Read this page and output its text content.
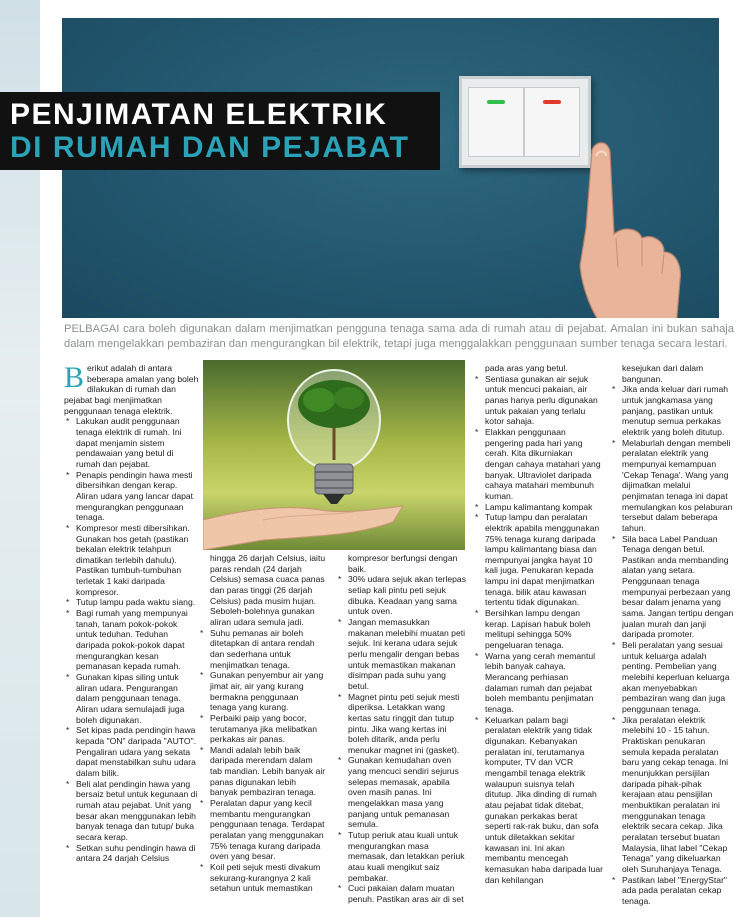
PENJIMATAN ELEKTRIK
DI RUMAH DAN PEJABAT
PELBAGAI cara boleh digunakan dalam menjimatkan pengguna tenaga sama ada di rumah atau di pejabat. Amalan ini bukan sahaja dalam mengelakkan pembaziran dan mengurangkan bil elektrik, tetapi juga menggalakkan penggunaan sumber tenaga secara lestari.

Berikut adalah di antara beberapa amalan yang boleh dilakukan di rumah dan pejabat bagi menjimatkan penggunaan tenaga elektrik.

* Lakukan audit penggunaan tenaga elektrik di rumah. Ini dapat menjamin sistem pendawaian yang betul di rumah dan pejabat.
* Penapis pendingin hawa mesti dibersihkan dengan kerap. Aliran udara yang lancar dapat mengurangkan penggunaan tenaga.
* Kompresor mesti dibersihkan. Gunakan hos getah (pastikan bekalan elektrik telahpun dimatikan terlebih dahulu). Pastikan tumbuh-tumbuhan terletak 1 kaki daripada kompresor.
* Tutup lampu pada waktu siang.
* Bagi rumah yang mempunyai tanah, tanam pokok-pokok untuk teduhan. Teduhan daripada pokok-pokok dapat mengurangkan kesan pemanasan kepada rumah.
* Gunakan kipas siling untuk aliran udara. Pengurangan dalam penggunaan tenaga. Aliran udara semulajadi juga boleh digunakan.
* Set kipas pada pendingin hawa kepada "ON" daripada "AUTO". Pengaliran udara yang sekata dapat menstabilkan suhu udara dalam bilik.
* Beli alat pendingin hawa yang bersaiz betul untuk kegunaan di rumah atau pejabat. Unit yang besar akan menggunakan lebih banyak tenaga dan tutup/ buka secara kerap.
* Setkan suhu pendingin hawa di antara 24 darjah Celsius
hingga 26 darjah Celsius, iaitu paras rendah (24 darjah Celsius) semasa cuaca panas dan paras tinggi (26 darjah Celsius) pada musim hujan. Seboleh-bolehnya gunakan aliran udara semula jadi.
* Suhu pemanas air boleh ditetapkan di antara rendah dan sederhana untuk menjimatkan tenaga.
* Gunakan penyembur air yang jimat air, air yang kurang bermakna penggunaan tenaga yang kurang.
* Perbaiki paip yang bocor, terutamanya jika melibatkan perkakas air panas.
* Mandi adalah lebih baik daripada merendam dalam tab mandian. Lebih banyak air panas digunakan lebih banyak pembaziran tenaga.
* Peralatan dapur yang kecil membantu mengurangkan penggunaan tenaga. Terdapat peralatan yang menggunakan 75% tenaga kurang daripada oven yang besar.
* Koil peti sejuk mesti divakum sekurang-kurangnya 2 kali setahun untuk memastikan
kompresor berfungsi dengan baik.
* 30% udara sejuk akan terlepas setiap kali pintu peti sejuk dibuka. Keadaan yang sama untuk oven.
* Jangan memasukkan makanan melebihi muatan peti sejuk. Ini kerana udara sejuk perlu mengalir dengan bebas untuk memastikan makanan disimpan pada suhu yang betul.
* Magnet pintu peti sejuk mesti diperiksa. Letakkan wang kertas satu ringgit dan tutup pintu. Jika wang kertas ini boleh ditarik, anda perlu menukar magnet ini (gasket).
* Gunakan kemudahan oven yang mencuci sendiri sejurus selepas memasak, apabila oven masih panas. Ini mengelakkan masa yang panjang untuk pemanasan semula.
* Tutup periuk atau kuali untuk mengurangkan masa memasak, dan letakkan periuk atau kuali mengikut saiz pembakar.
* Cuci pakaian dalam muatan penuh. Pastikan aras air di set
pada aras yang betul.
* Sentiasa gunakan air sejuk untuk mencuci pakaian, air panas hanya perlu digunakan untuk pakaian yang terlalu kotor sahaja.
* Elakkan penggunaan pengering pada hari yang cerah. Kita dikurniakan dengan cahaya matahari yang banyak. Ultraviolet daripada cahaya matahari membunuh kuman.
* Lampu kalimantang kompak
* Tutup lampu dan peralatan elektrik apabila menggunakan 75% tenaga kurang daripada lampu kalimantang biasa dan mempunyai jangka hayat 10 kali juga. Penukaran kepada lampu ini dapat menjimatkan tenaga. bilik atau kawasan tertentu tidak digunakan.
* Bersihkan lampu dengan kerap. Lapisan habuk boleh melitupi sehingga 50% pengeluaran tenaga.
* Warna yang cerah memantul lebih banyak cahaya. Merancang perhiasan dalaman rumah dan pejabat boleh membantu penjimatan tenaga.
* Keluarkan palam bagi peralatan elektrik yang tidak digunakan. Kebanyakan peralatan ini, terutamanya komputer, TV dan VCR mengambil tenaga elektrik walaupun suisnya telah ditutup. Jika dinding di rumah atau pejabat tidak ditebat, gunakan perkakas berat seperti rak-rak buku, dan sofa untuk diletakkan sekitar kawasan ini. Ini akan membantu mencegah kemasukan haba daripada luar dan kehilangan
kesejukan dari dalam bangunan.
* Jika anda keluar dari rumah untuk jangkamasa yang panjang, pastikan untuk menutup semua perkakas elektrik yang boleh ditutup.
* Melaburlah dengan membeli peralatan elektrik yang mempunyai kemampuan 'Cekap Tenaga'. Wang yang dijimatkan melalui penjimatan tenaga ini dapat memulangkan kos pelaburan tersebut dalam beberapa tahun.
* Sila baca Label Panduan Tenaga dengan betul. Pastikan anda membanding alatan yang setara. Penggunaan tenaga mempunyai perbezaan yang besar dalam jenama yang sama. Jangan tertipu dengan jualan murah dan janji daripada promoter.
* Beli peralatan yang sesuai untuk keluarga adalah penting. Pembelian yang melebihi keperluan keluarga akan menyebabkan pembaziran wang dan juga penggunaan tenaga.
* Jika peralatan elektrik melebihi 10 - 15 tahun. Praktiskan penukaran semula kepada peralatan baru yang cekap tenaga. Ini menunjukkan persijilan daripada pihak-pihak kerajaan atau pensijilan menbuktikan peralatan ini menggunakan tenaga elektrik secara cekap. Jika peralatan tersebut buatan Malaysia, lihat label "Cekap Tenaga" yang dikeluarkan oleh Suruhanjaya Tenaga.
* Pastikan label "EnergyStar" ada pada peralatan cekap tenaga.
